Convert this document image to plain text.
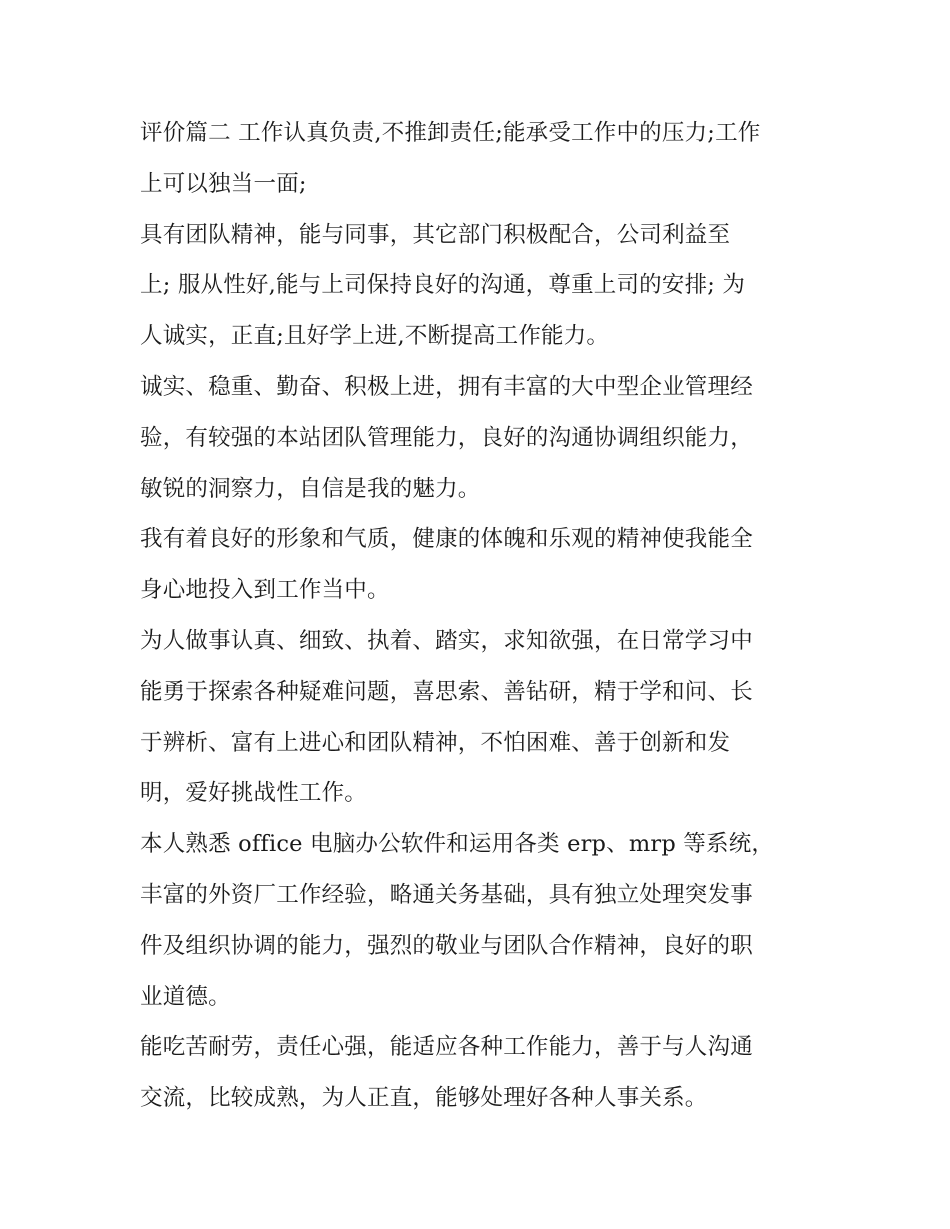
评价篇二 工作认真负责,不推卸责任;能承受工作中的压力;工作
上可以独当一面;

具有团队精神，能与同事，其它部门积极配合，公司利益至
上; 服从性好,能与上司保持良好的沟通，尊重上司的安排; 为
人诚实，正直;且好学上进,不断提高工作能力。

诚实、稳重、勤奋、积极上进，拥有丰富的大中型企业管理经
验，有较强的本站团队管理能力，良好的沟通协调组织能力，
敏锐的洞察力，自信是我的魅力。

我有着良好的形象和气质，健康的体魄和乐观的精神使我能全
身心地投入到工作当中。

为人做事认真、细致、执着、踏实，求知欲强，在日常学习中
能勇于探索各种疑难问题，喜思索、善钻研，精于学和问、长
于辨析、富有上进心和团队精神，不怕困难、善于创新和发
明，爱好挑战性工作。

本人熟悉 office 电脑办公软件和运用各类 erp、mrp 等系统，
丰富的外资厂工作经验，略通关务基础，具有独立处理突发事
件及组织协调的能力，强烈的敬业与团队合作精神，良好的职
业道德。

能吃苦耐劳，责任心强，能适应各种工作能力，善于与人沟通
交流，比较成熟，为人正直，能够处理好各种人事关系。
